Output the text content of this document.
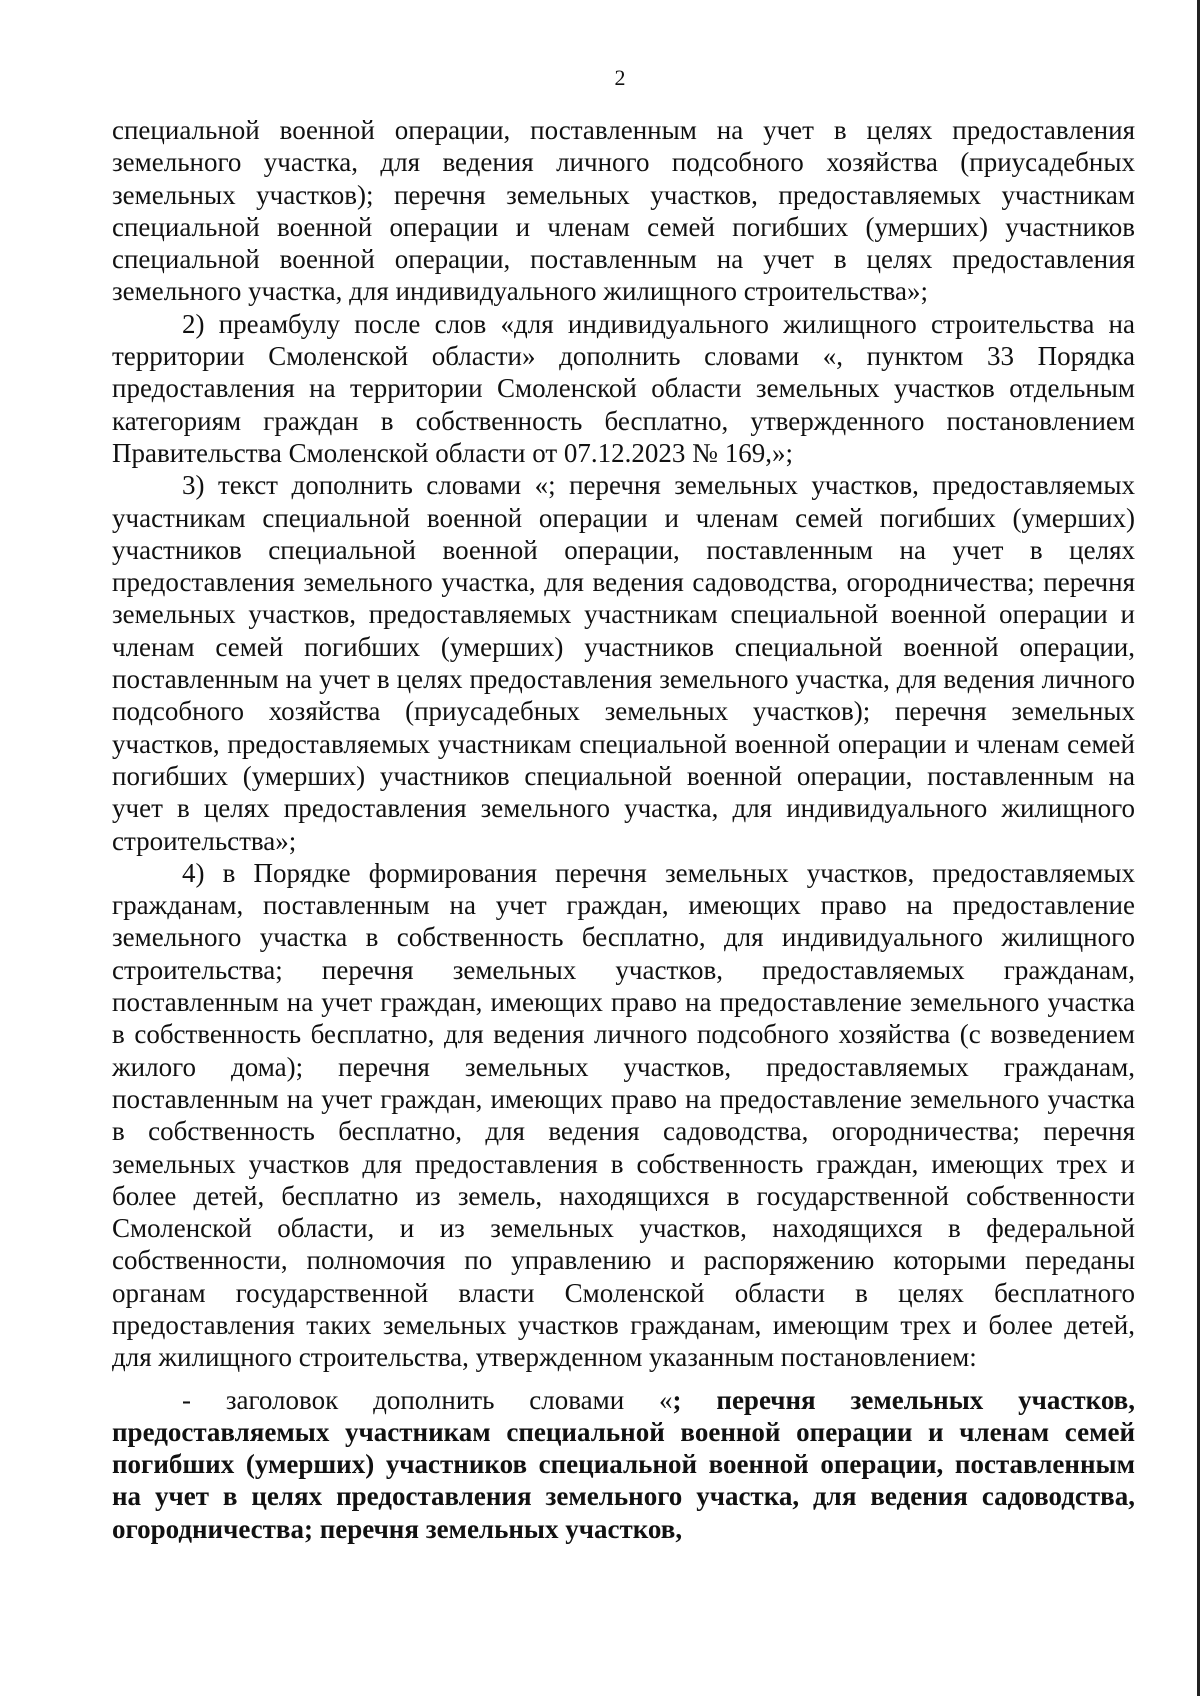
2

специальной военной операции, поставленным на учет в целях предоставления земельного участка, для ведения личного подсобного хозяйства (приусадебных земельных участков); перечня земельных участков, предоставляемых участникам специальной военной операции и членам семей погибших (умерших) участников специальной военной операции, поставленным на учет в целях предоставления земельного участка, для индивидуального жилищного строительства»;

2) преамбулу после слов «для индивидуального жилищного строительства на территории Смоленской области» дополнить словами «, пунктом 33 Порядка предоставления на территории Смоленской области земельных участков отдельным категориям граждан в собственность бесплатно, утвержденного постановлением Правительства Смоленской области от 07.12.2023 № 169,»;

3) текст дополнить словами «; перечня земельных участков, предоставляемых участникам специальной военной операции и членам семей погибших (умерших) участников специальной военной операции, поставленным на учет в целях предоставления земельного участка, для ведения садоводства, огородничества; перечня земельных участков, предоставляемых участникам специальной военной операции и членам семей погибших (умерших) участников специальной военной операции, поставленным на учет в целях предоставления земельного участка, для ведения личного подсобного хозяйства (приусадебных земельных участков); перечня земельных участков, предоставляемых участникам специальной военной операции и членам семей погибших (умерших) участников специальной военной операции, поставленным на учет в целях предоставления земельного участка, для индивидуального жилищного строительства»;

4) в Порядке формирования перечня земельных участков, предоставляемых гражданам, поставленным на учет граждан, имеющих право на предоставление земельного участка в собственность бесплатно, для индивидуального жилищного строительства; перечня земельных участков, предоставляемых гражданам, поставленным на учет граждан, имеющих право на предоставление земельного участка в собственность бесплатно, для ведения личного подсобного хозяйства (с возведением жилого дома); перечня земельных участков, предоставляемых гражданам, поставленным на учет граждан, имеющих право на предоставление земельного участка в собственность бесплатно, для ведения садоводства, огородничества; перечня земельных участков для предоставления в собственность граждан, имеющих трех и более детей, бесплатно из земель, находящихся в государственной собственности Смоленской области, и из земельных участков, находящихся в федеральной собственности, полномочия по управлению и распоряжению которыми переданы органам государственной власти Смоленской области в целях бесплатного предоставления таких земельных участков гражданам, имеющим трех и более детей, для жилищного строительства, утвержденном указанным постановлением:

- заголовок дополнить словами «; перечня земельных участков, предоставляемых участникам специальной военной операции и членам семей погибших (умерших) участников специальной военной операции, поставленным на учет в целях предоставления земельного участка, для ведения садоводства, огородничества; перечня земельных участков,
